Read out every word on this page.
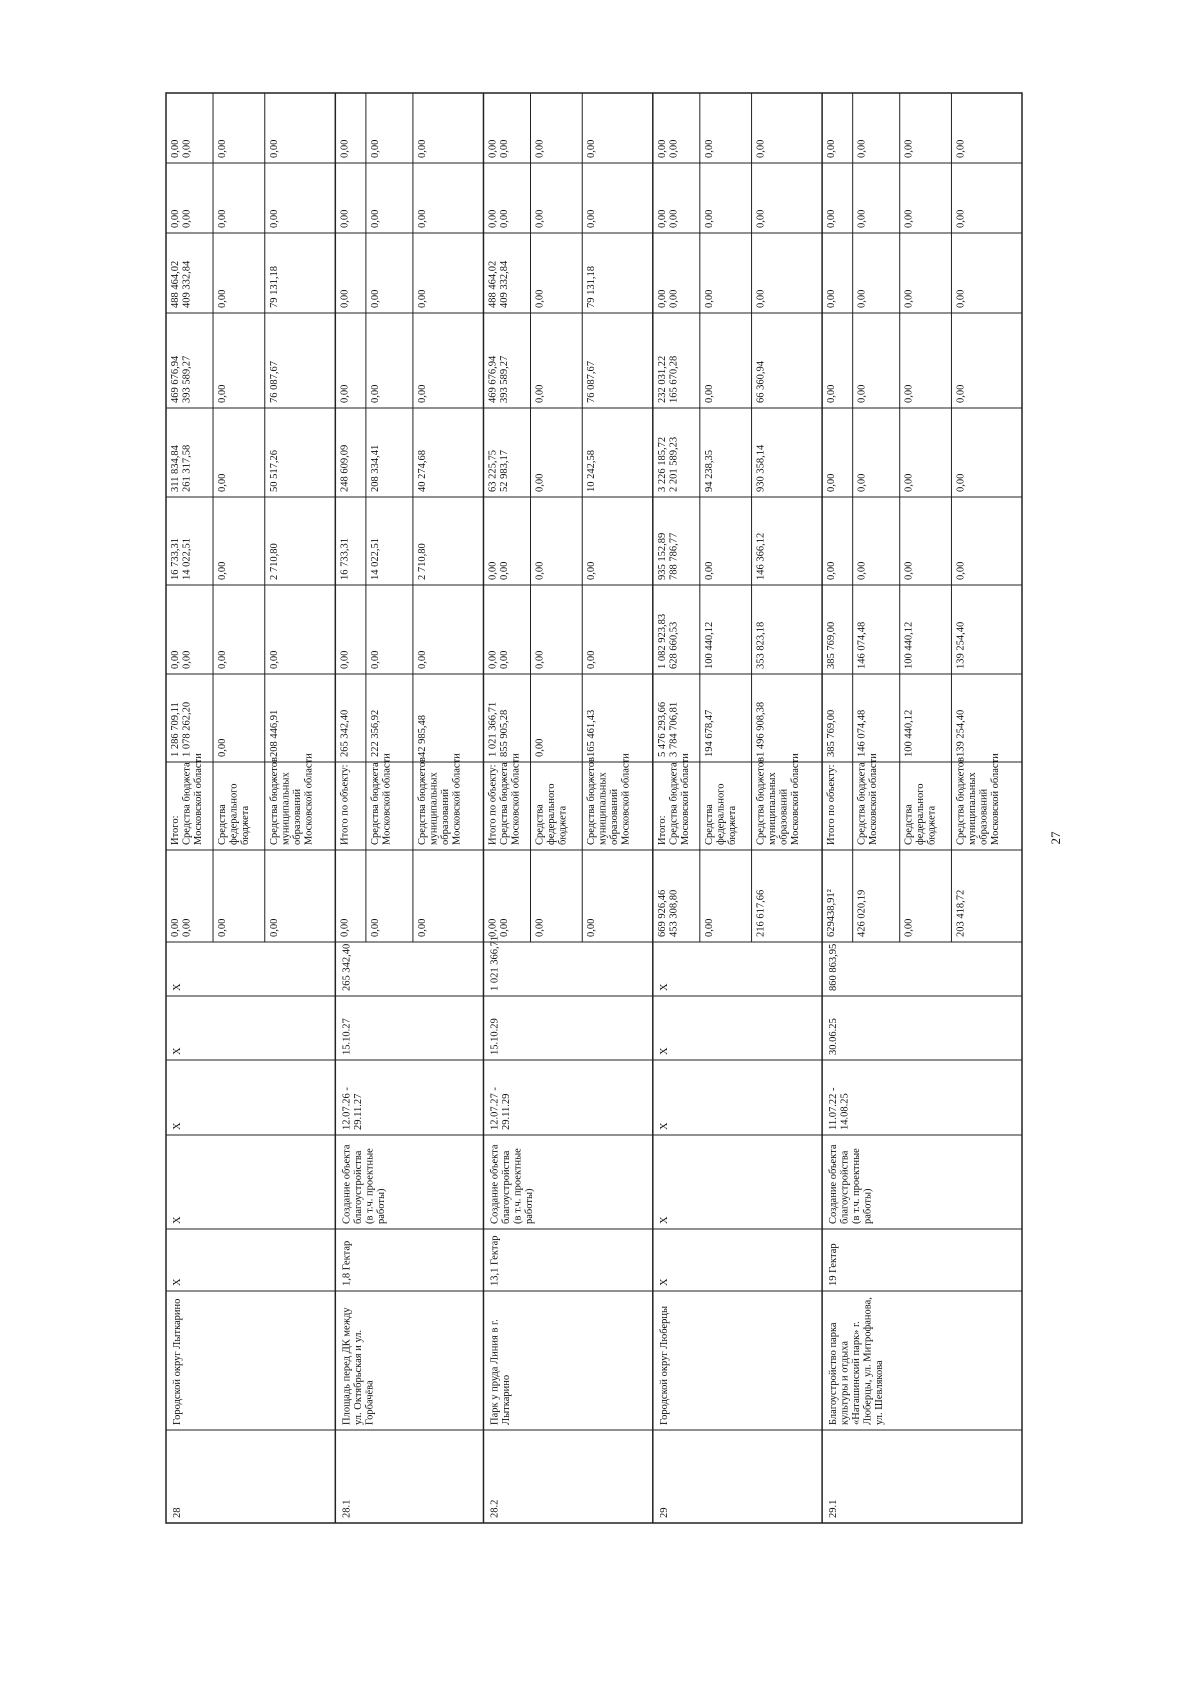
28
Городской округ Лыткарино
X
X
X
X
X
0,000,00
Итого:Средства бюджетаМосковской области
1 286 709,111 078 262,20
0,000,00
16 733,3114 022,51
311 834,84261 317,58
469 676,94393 589,27
488 464,02409 332,84
0,000,00
0,000,00
0,00
Средствафедеральногобюджета
0,00
0,00
0,00
0,00
0,00
0,00
0,00
0,00
0,00
Средства бюджетовмуниципальныхобразованийМосковской области
208 446,91
0,00
2 710,80
50 517,26
76 087,67
79 131,18
0,00
0,00
28.1
Площадь перед ДК междуул. Октябрьская и ул.Горбачёва
1,8 Гектар
Создание объектаблагоустройства(в т.ч. проектныеработы)
12.07.26 -29.11.27
15.10.27
265 342,40
0,00
Итого по объекту:
265 342,40
0,00
16 733,31
248 609,09
0,00
0,00
0,00
0,00
0,00
Средства бюджетаМосковской области
222 356,92
0,00
14 022,51
208 334,41
0,00
0,00
0,00
0,00
0,00
Средства бюджетовмуниципальныхобразованийМосковской области
42 985,48
0,00
2 710,80
40 274,68
0,00
0,00
0,00
0,00
28.2
Парк у пруда Линия в г.Лыткарино
13,1 Гектар
Создание объектаблагоустройства(в т.ч. проектныеработы)
12.07.27 -29.11.29
15.10.29
1 021 366,71
0,000,00
Итого по объекту:Средства бюджетаМосковской области
1 021 366,71855 905,28
0,000,00
0,000,00
63 225,7552 983,17
469 676,94393 589,27
488 464,02409 332,84
0,000,00
0,000,00
0,00
Средствафедеральногобюджета
0,00
0,00
0,00
0,00
0,00
0,00
0,00
0,00
0,00
Средства бюджетовмуниципальныхобразованийМосковской области
165 461,43
0,00
0,00
10 242,58
76 087,67
79 131,18
0,00
0,00
29
Городской округ Люберцы
X
X
X
X
X
669 926,46453 308,80
Итого:Средства бюджетаМосковской области
5 476 293,663 784 706,81
1 082 923,83628 660,53
935 152,89788 786,77
3 226 185,722 201 589,23
232 031,22165 670,28
0,000,00
0,000,00
0,000,00
0,00
Средствафедеральногобюджета
194 678,47
100 440,12
0,00
94 238,35
0,00
0,00
0,00
0,00
216 617,66
Средства бюджетовмуниципальныхобразованийМосковской области
1 496 908,38
353 823,18
146 366,12
930 358,14
66 360,94
0,00
0,00
0,00
29.1
Благоустройство паркакультуры и отдыха«Наташинский парк» г.Люберцы, ул. Митрофанова,ул. Шевлякова
19 Гектар
Создание объектаблагоустройства(в т.ч. проектныеработы)
11.07.22 -14.08.25
30.06.25
860 863,95
629438,91²
Итого по объекту:
385 769,00
385 769,00
0,00
0,00
0,00
0,00
0,00
0,00
426 020,19
Средства бюджетаМосковской области
146 074,48
146 074,48
0,00
0,00
0,00
0,00
0,00
0,00
0,00
Средствафедеральногобюджета
100 440,12
100 440,12
0,00
0,00
0,00
0,00
0,00
0,00
203 418,72
Средства бюджетовмуниципальныхобразованийМосковской области
139 254,40
139 254,40
0,00
0,00
0,00
0,00
0,00
0,00
27
